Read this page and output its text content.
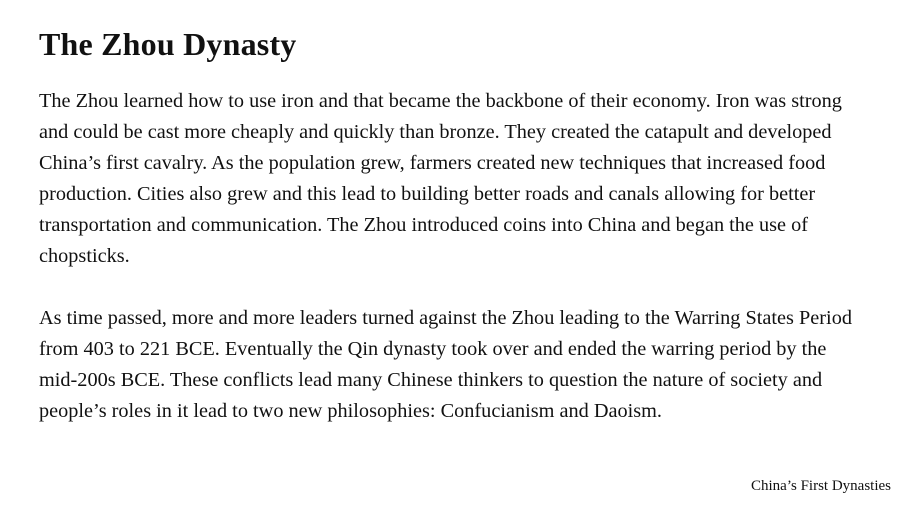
The Zhou Dynasty

The Zhou learned how to use iron and that became the backbone of their economy. Iron was strong and could be cast more cheaply and quickly than bronze. They created the catapult and developed China’s first cavalry. As the population grew, farmers created new techniques that increased food production. Cities also grew and this lead to building better roads and canals allowing for better transportation and communication. The Zhou introduced coins into China and began the use of chopsticks.

As time passed, more and more leaders turned against the Zhou leading to the Warring States Period from 403 to 221 BCE. Eventually the Qin dynasty took over and ended the warring period by the mid-200s BCE. These conflicts lead many Chinese thinkers to question the nature of society and people’s roles in it lead to two new philosophies: Confucianism and Daoism.

China’s First Dynasties
